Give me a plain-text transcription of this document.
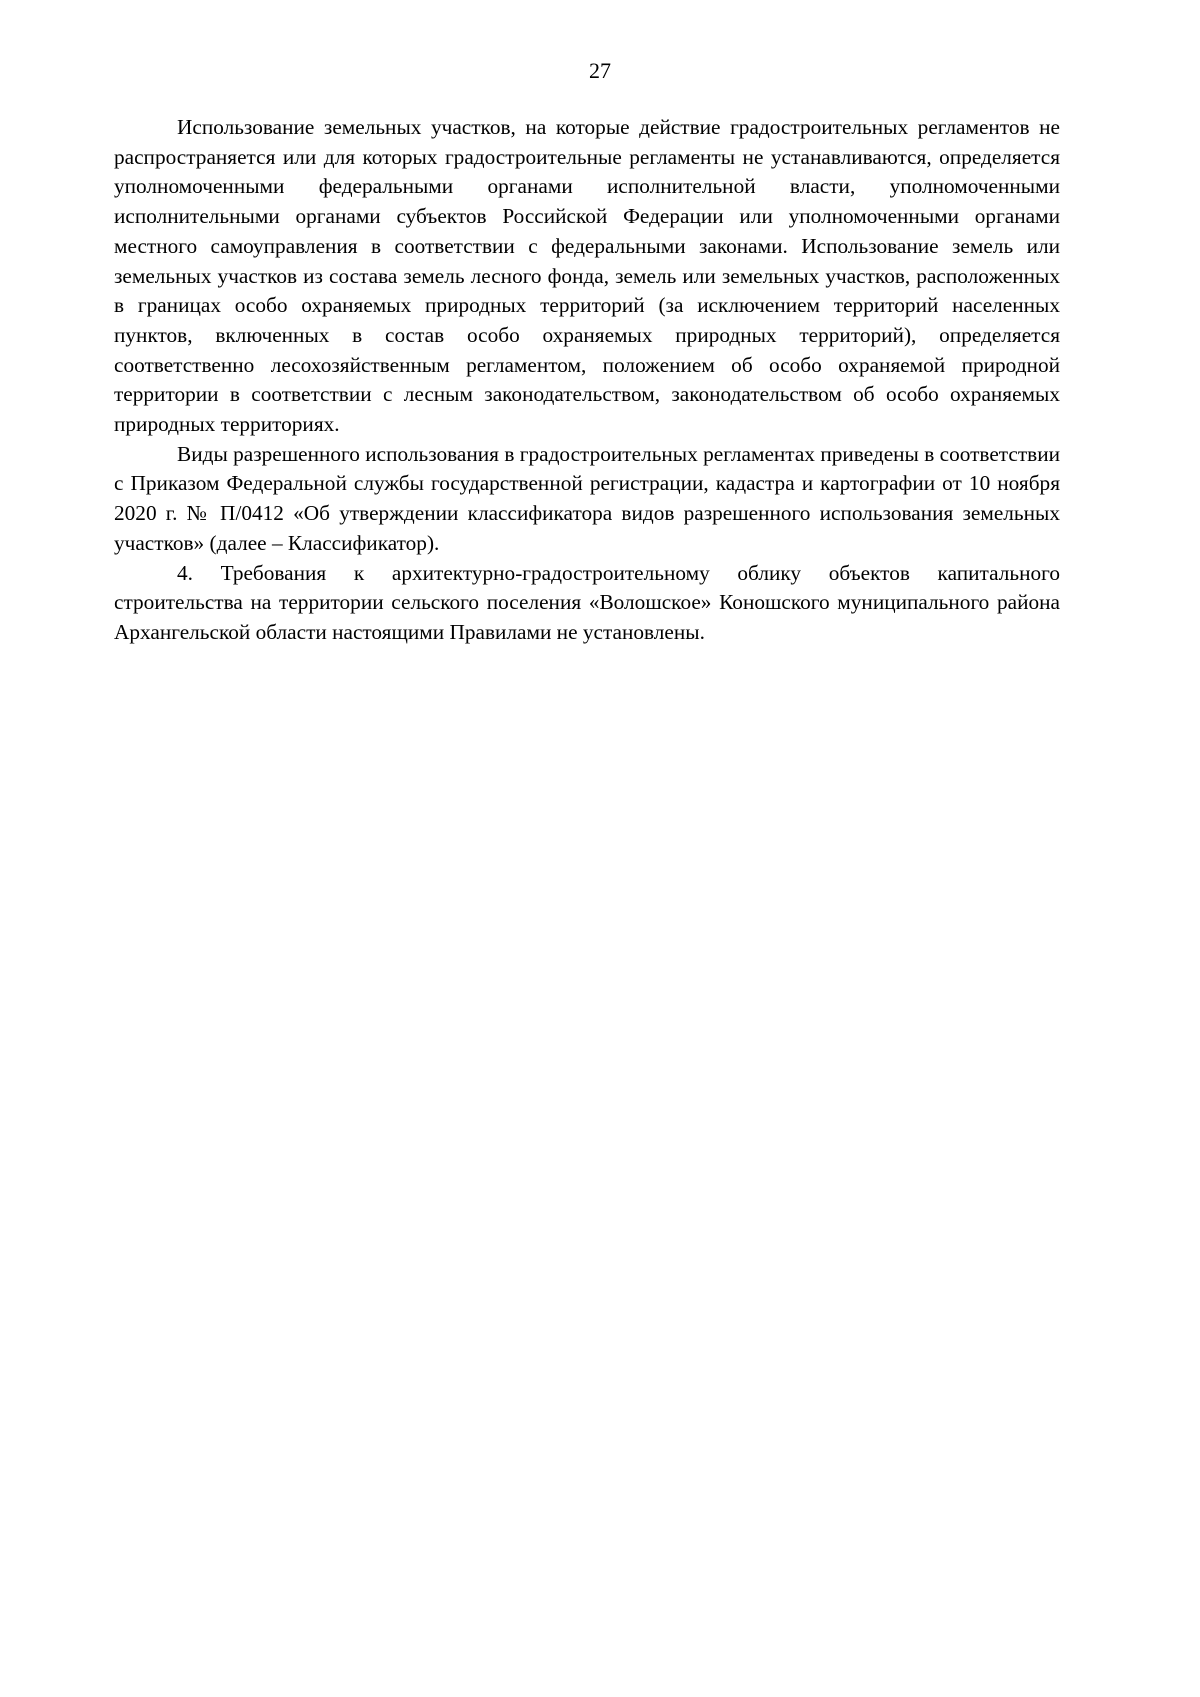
27

Использование земельных участков, на которые действие градостроительных регламентов не распространяется или для которых градостроительные регламенты не устанавливаются, определяется уполномоченными федеральными органами исполнительной власти, уполномоченными исполнительными органами субъектов Российской Федерации или уполномоченными органами местного самоуправления в соответствии с федеральными законами. Использование земель или земельных участков из состава земель лесного фонда, земель или земельных участков, расположенных в границах особо охраняемых природных территорий (за исключением территорий населенных пунктов, включенных в состав особо охраняемых природных территорий), определяется соответственно лесохозяйственным регламентом, положением об особо охраняемой природной территории в соответствии с лесным законодательством, законодательством об особо охраняемых природных территориях.

Виды разрешенного использования в градостроительных регламентах приведены в соответствии с Приказом Федеральной службы государственной регистрации, кадастра и картографии от 10 ноября 2020 г. № П/0412 «Об утверждении классификатора видов разрешенного использования земельных участков» (далее – Классификатор).

4. Требования к архитектурно-градостроительному облику объектов капитального строительства на территории сельского поселения «Волошское» Коношского муниципального района Архангельской области настоящими Правилами не установлены.
